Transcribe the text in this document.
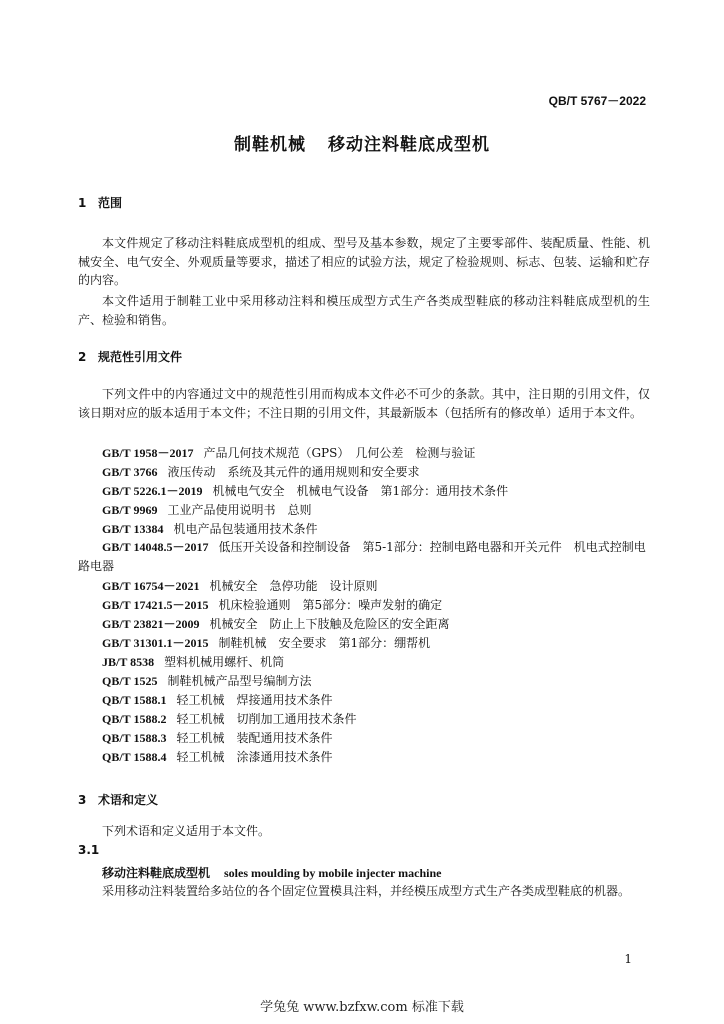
QB/T 5767－2022
制鞋机械 移动注料鞋底成型机
1 范围
本文件规定了移动注料鞋底成型机的组成、型号及基本参数，规定了主要零部件、装配质量、性能、机械安全、电气安全、外观质量等要求，描述了相应的试验方法，规定了检验规则、标志、包装、运输和贮存的内容。
本文件适用于制鞋工业中采用移动注料和模压成型方式生产各类成型鞋底的移动注料鞋底成型机的生产、检验和销售。
2 规范性引用文件
下列文件中的内容通过文中的规范性引用而构成本文件必不可少的条款。其中，注日期的引用文件，仅该日期对应的版本适用于本文件；不注日期的引用文件，其最新版本（包括所有的修改单）适用于本文件。
GB/T 1958－2017 产品几何技术规范（GPS）　几何公差　检测与验证
GB/T 3766 液压传动　系统及其元件的通用规则和安全要求
GB/T 5226.1－2019 机械电气安全　机械电气设备　第1部分：通用技术条件
GB/T 9969 工业产品使用说明书　总则
GB/T 13384 机电产品包装通用技术条件
GB/T 14048.5－2017 低压开关设备和控制设备　第5-1部分：控制电路电器和开关元件　机电式控制电路电器
GB/T 16754－2021 机械安全　急停功能　设计原则
GB/T 17421.5－2015 机床检验通则　第5部分：噪声发射的确定
GB/T 23821－2009 机械安全　防止上下肢触及危险区的安全距离
GB/T 31301.1－2015 制鞋机械　安全要求　第1部分：绷帮机
JB/T 8538 塑料机械用螺杆、机筒
QB/T 1525 制鞋机械产品型号编制方法
QB/T 1588.1 轻工机械　焊接通用技术条件
QB/T 1588.2 轻工机械　切削加工通用技术条件
QB/T 1588.3 轻工机械　装配通用技术条件
QB/T 1588.4 轻工机械　涂漆通用技术条件
3 术语和定义
下列术语和定义适用于本文件。
3.1
移动注料鞋底成型机 soles moulding by mobile injecter machine
采用移动注料装置给多站位的各个固定位置模具注料，并经模压成型方式生产各类成型鞋底的机器。
1
学兔兔 www.bzfxw.com 标准下载
